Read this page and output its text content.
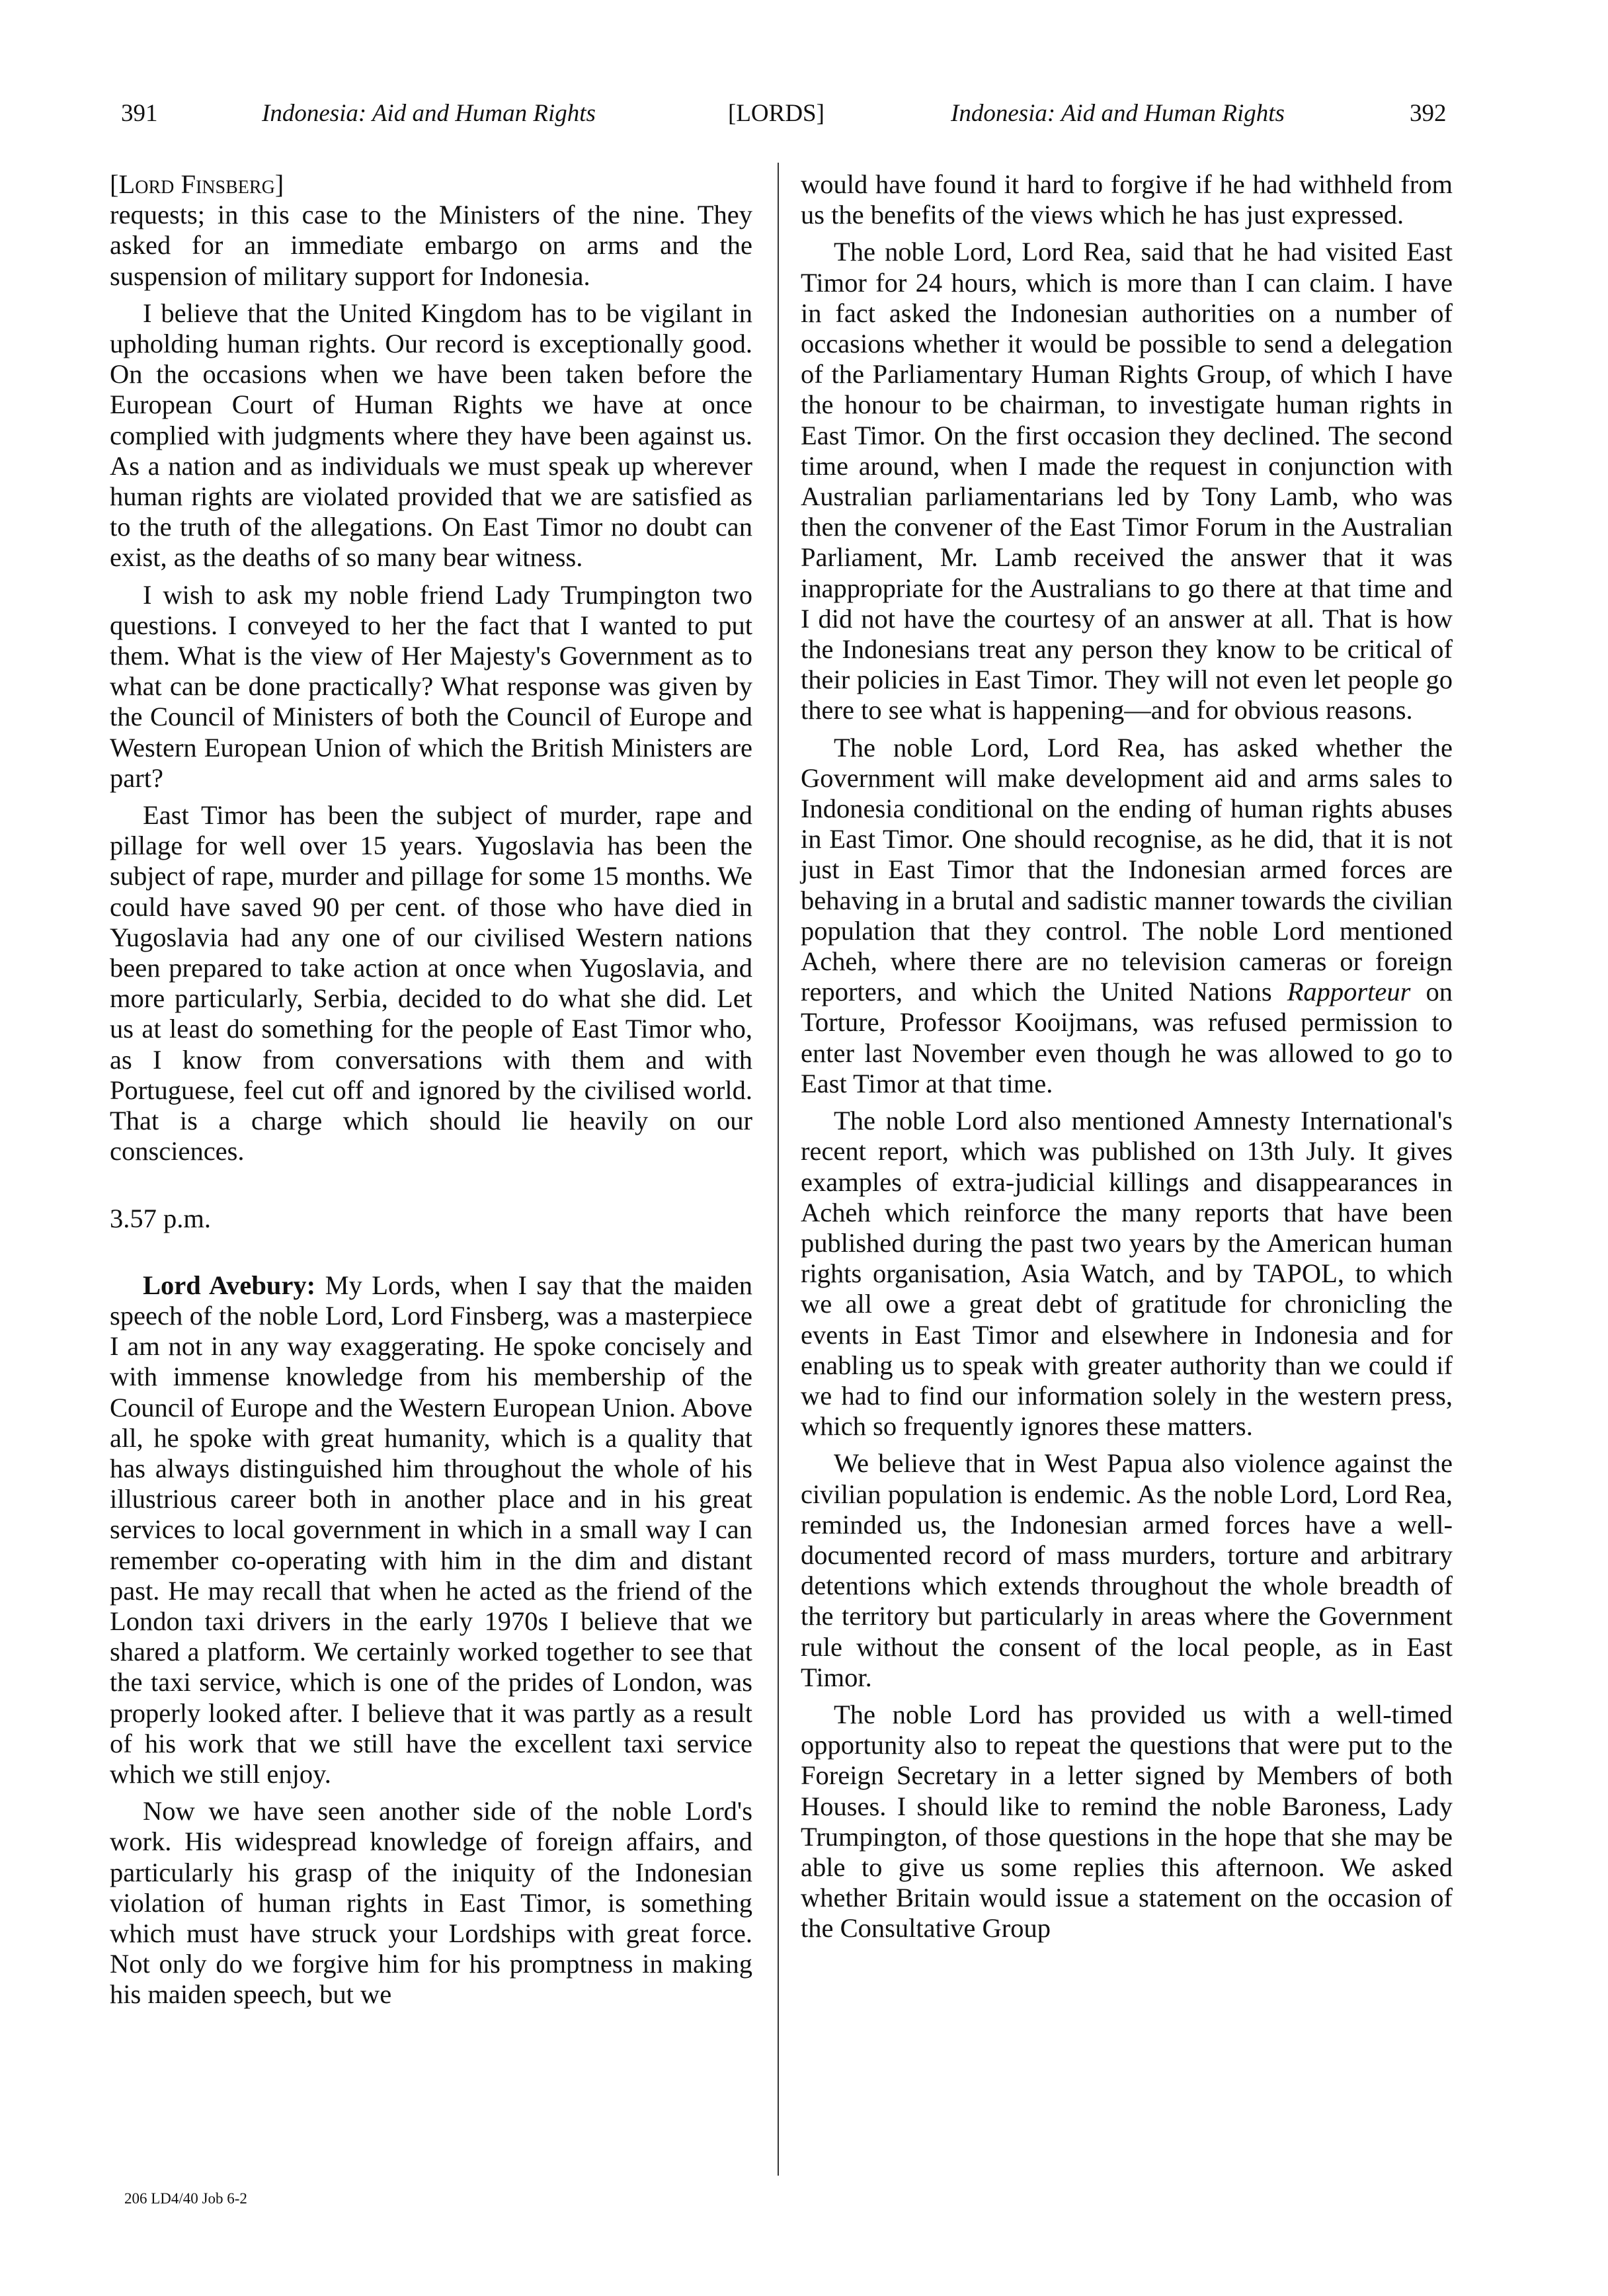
391	Indonesia: Aid and Human Rights	[LORDS]	Indonesia: Aid and Human Rights	392

[Lord Finsberg]

requests; in this case to the Ministers of the nine. They asked for an immediate embargo on arms and the suspension of military support for Indonesia.

I believe that the United Kingdom has to be vigilant in upholding human rights. Our record is exceptionally good. On the occasions when we have been taken before the European Court of Human Rights we have at once complied with judgments where they have been against us. As a nation and as individuals we must speak up wherever human rights are violated provided that we are satisfied as to the truth of the allegations. On East Timor no doubt can exist, as the deaths of so many bear witness.

I wish to ask my noble friend Lady Trumpington two questions. I conveyed to her the fact that I wanted to put them. What is the view of Her Majesty's Government as to what can be done practically? What response was given by the Council of Ministers of both the Council of Europe and Western European Union of which the British Ministers are part?

East Timor has been the subject of murder, rape and pillage for well over 15 years. Yugoslavia has been the subject of rape, murder and pillage for some 15 months. We could have saved 90 per cent. of those who have died in Yugoslavia had any one of our civilised Western nations been prepared to take action at once when Yugoslavia, and more particularly, Serbia, decided to do what she did. Let us at least do something for the people of East Timor who, as I know from conversations with them and with Portuguese, feel cut off and ignored by the civilised world. That is a charge which should lie heavily on our consciences.

3.57 p.m.

Lord Avebury: My Lords, when I say that the maiden speech of the noble Lord, Lord Finsberg, was a masterpiece I am not in any way exaggerating. He spoke concisely and with immense knowledge from his membership of the Council of Europe and the Western European Union. Above all, he spoke with great humanity, which is a quality that has always distinguished him throughout the whole of his illustrious career both in another place and in his great services to local government in which in a small way I can remember co-operating with him in the dim and distant past. He may recall that when he acted as the friend of the London taxi drivers in the early 1970s I believe that we shared a platform. We certainly worked together to see that the taxi service, which is one of the prides of London, was properly looked after. I believe that it was partly as a result of his work that we still have the excellent taxi service which we still enjoy.

Now we have seen another side of the noble Lord's work. His widespread knowledge of foreign affairs, and particularly his grasp of the iniquity of the Indonesian violation of human rights in East Timor, is something which must have struck your Lordships with great force. Not only do we forgive him for his promptness in making his maiden speech, but we

would have found it hard to forgive if he had withheld from us the benefits of the views which he has just expressed.

The noble Lord, Lord Rea, said that he had visited East Timor for 24 hours, which is more than I can claim. I have in fact asked the Indonesian authorities on a number of occasions whether it would be possible to send a delegation of the Parliamentary Human Rights Group, of which I have the honour to be chairman, to investigate human rights in East Timor. On the first occasion they declined. The second time around, when I made the request in conjunction with Australian parliamentarians led by Tony Lamb, who was then the convener of the East Timor Forum in the Australian Parliament, Mr. Lamb received the answer that it was inappropriate for the Australians to go there at that time and I did not have the courtesy of an answer at all. That is how the Indonesians treat any person they know to be critical of their policies in East Timor. They will not even let people go there to see what is happening—and for obvious reasons.

The noble Lord, Lord Rea, has asked whether the Government will make development aid and arms sales to Indonesia conditional on the ending of human rights abuses in East Timor. One should recognise, as he did, that it is not just in East Timor that the Indonesian armed forces are behaving in a brutal and sadistic manner towards the civilian population that they control. The noble Lord mentioned Acheh, where there are no television cameras or foreign reporters, and which the United Nations Rapporteur on Torture, Professor Kooijmans, was refused permission to enter last November even though he was allowed to go to East Timor at that time.

The noble Lord also mentioned Amnesty International's recent report, which was published on 13th July. It gives examples of extra-judicial killings and disappearances in Acheh which reinforce the many reports that have been published during the past two years by the American human rights organisation, Asia Watch, and by TAPOL, to which we all owe a great debt of gratitude for chronicling the events in East Timor and elsewhere in Indonesia and for enabling us to speak with greater authority than we could if we had to find our information solely in the western press, which so frequently ignores these matters.

We believe that in West Papua also violence against the civilian population is endemic. As the noble Lord, Lord Rea, reminded us, the Indonesian armed forces have a well-documented record of mass murders, torture and arbitrary detentions which extends throughout the whole breadth of the territory but particularly in areas where the Government rule without the consent of the local people, as in East Timor.

The noble Lord has provided us with a well-timed opportunity also to repeat the questions that were put to the Foreign Secretary in a letter signed by Members of both Houses. I should like to remind the noble Baroness, Lady Trumpington, of those questions in the hope that she may be able to give us some replies this afternoon. We asked whether Britain would issue a statement on the occasion of the Consultative Group

206 LD4/40 Job 6-2
